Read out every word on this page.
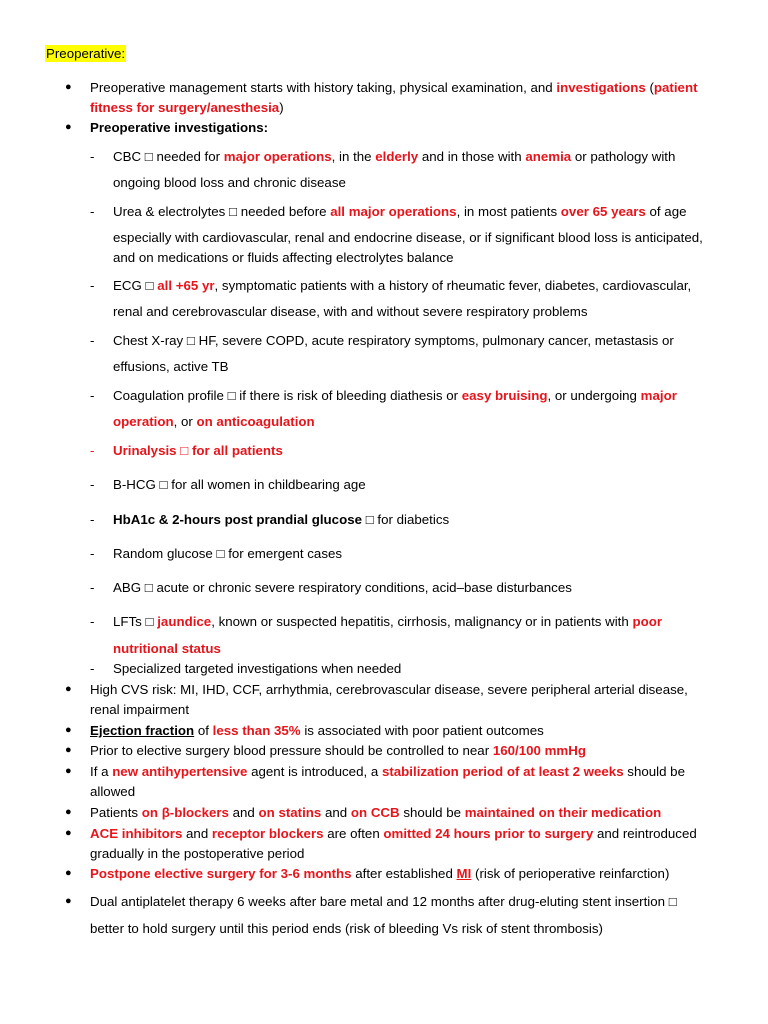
Preoperative:
● Preoperative management starts with history taking, physical examination, and investigations (patient
fitness for surgery/anesthesia)
● Preoperative investigations:
- CBC □ needed for major operations, in the elderly and in those with anemia or pathology with
ongoing blood loss and chronic disease
- Urea & electrolytes □ needed before all major operations, in most patients over 65 years of age
especially with cardiovascular, renal and endocrine disease, or if significant blood loss is anticipated,
and on medications or fluids affecting electrolytes balance
- ECG □ all +65 yr, symptomatic patients with a history of rheumatic fever, diabetes, cardiovascular,
renal and cerebrovascular disease, with and without severe respiratory problems
- Chest X-ray □ HF, severe COPD, acute respiratory symptoms, pulmonary cancer, metastasis or
effusions, active TB
- Coagulation profile □ if there is risk of bleeding diathesis or easy bruising, or undergoing major
operation, or on anticoagulation
- Urinalysis □ for all patients
- B-HCG □ for all women in childbearing age
- HbA1c & 2-hours post prandial glucose □ for diabetics
- Random glucose □ for emergent cases
- ABG □ acute or chronic severe respiratory conditions, acid–base disturbances
- LFTs □ jaundice, known or suspected hepatitis, cirrhosis, malignancy or in patients with poor
nutritional status
- Specialized targeted investigations when needed
● High CVS risk: MI, IHD, CCF, arrhythmia, cerebrovascular disease, severe peripheral arterial disease,
renal impairment
● Ejection fraction of less than 35% is associated with poor patient outcomes
● Prior to elective surgery blood pressure should be controlled to near 160/100 mmHg
● If a new antihypertensive agent is introduced, a stabilization period of at least 2 weeks should be
allowed
● Patients on β-blockers and on statins and on CCB should be maintained on their medication
● ACE inhibitors and receptor blockers are often omitted 24 hours prior to surgery and reintroduced
gradually in the postoperative period
● Postpone elective surgery for 3-6 months after established MI (risk of perioperative reinfarction)
● Dual antiplatelet therapy 6 weeks after bare metal and 12 months after drug-eluting stent insertion □
better to hold surgery until this period ends (risk of bleeding Vs risk of stent thrombosis)
